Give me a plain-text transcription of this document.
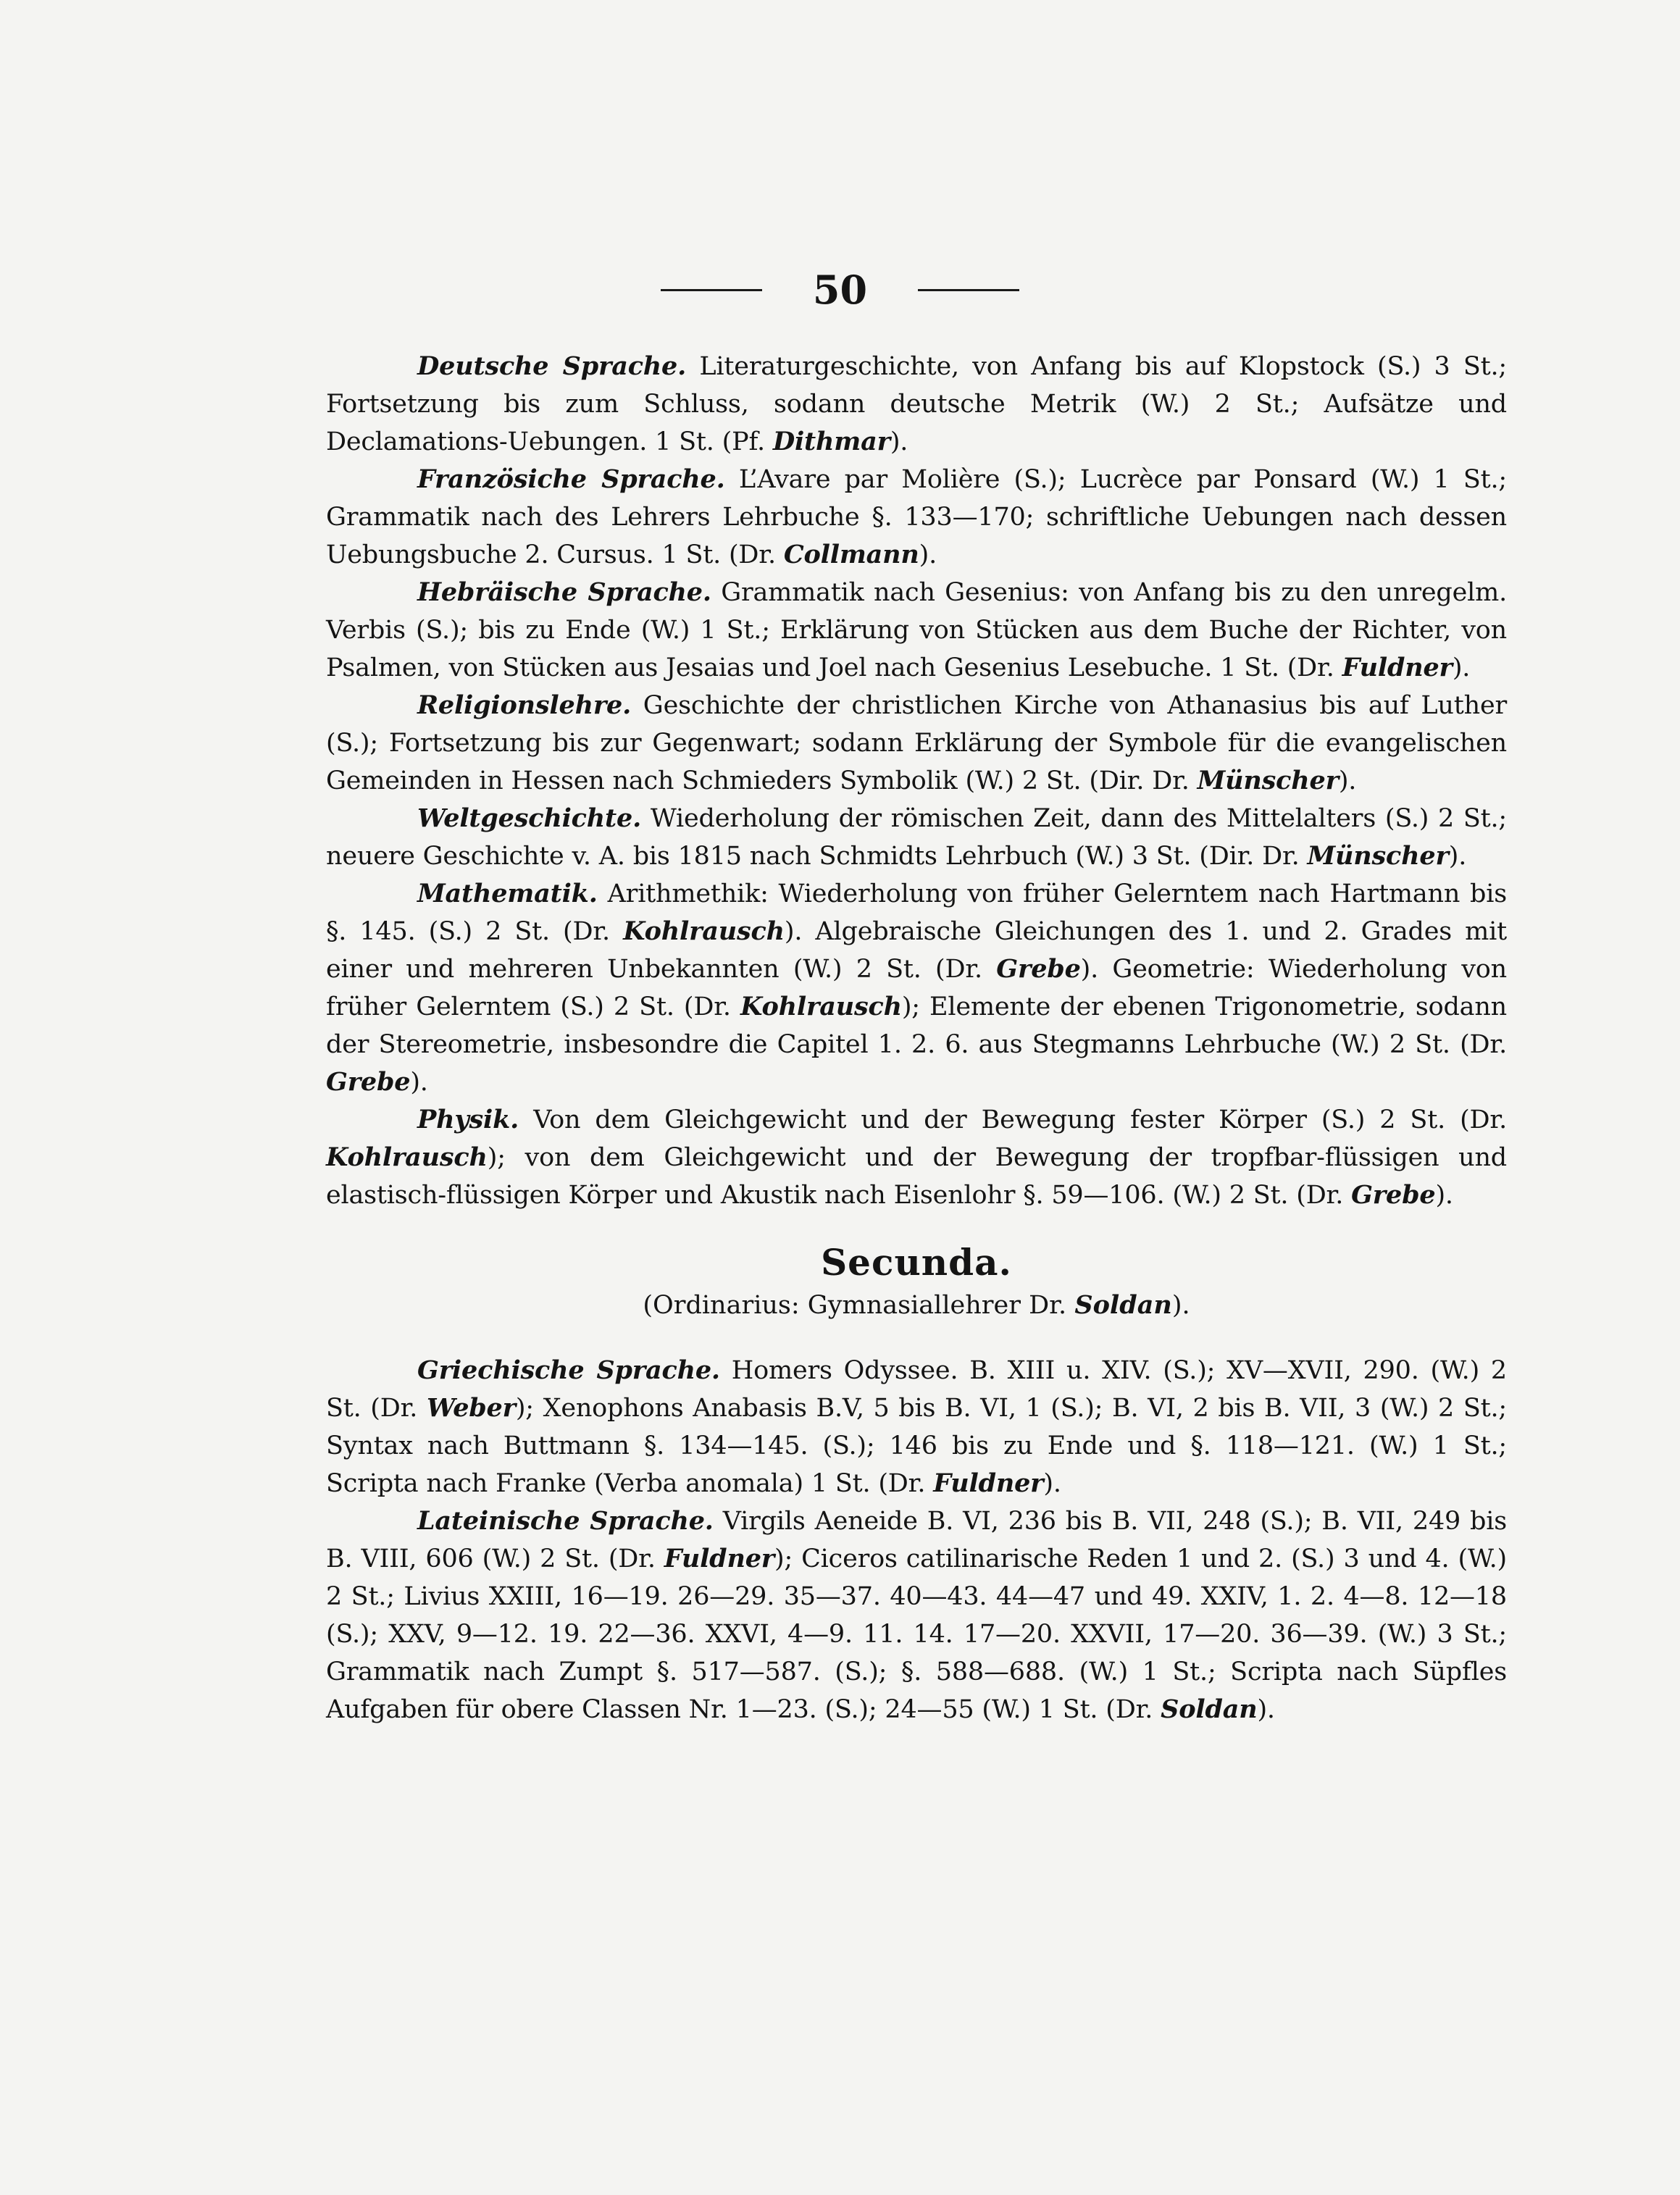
50

Deutsche Sprache. Literaturgeschichte, von Anfang bis auf Klopstock (S.) 3 St.; Fortsetzung bis zum Schluss, sodann deutsche Metrik (W.) 2 St.; Aufsätze und Declamations-Uebungen. 1 St. (Pf. Dithmar).

Französiche Sprache. L’Avare par Molière (S.); Lucrèce par Ponsard (W.) 1 St.; Grammatik nach des Lehrers Lehrbuche §. 133—170; schriftliche Uebungen nach dessen Uebungsbuche 2. Cursus. 1 St. (Dr. Collmann).

Hebräische Sprache. Grammatik nach Gesenius: von Anfang bis zu den unregelm. Verbis (S.); bis zu Ende (W.) 1 St.; Erklärung von Stücken aus dem Buche der Richter, von Psalmen, von Stücken aus Jesaias und Joel nach Gesenius Lesebuche. 1 St. (Dr. Fuldner).

Religionslehre. Geschichte der christlichen Kirche von Athanasius bis auf Luther (S.); Fortsetzung bis zur Gegenwart; sodann Erklärung der Symbole für die evangelischen Gemeinden in Hessen nach Schmieders Symbolik (W.) 2 St. (Dir. Dr. Münscher).

Weltgeschichte. Wiederholung der römischen Zeit, dann des Mittelalters (S.) 2 St.; neuere Geschichte v. A. bis 1815 nach Schmidts Lehrbuch (W.) 3 St. (Dir. Dr. Münscher).

Mathematik. Arithmethik: Wiederholung von früher Gelerntem nach Hartmann bis §. 145. (S.) 2 St. (Dr. Kohlrausch). Algebraische Gleichungen des 1. und 2. Grades mit einer und mehreren Unbekannten (W.) 2 St. (Dr. Grebe). Geometrie: Wiederholung von früher Gelerntem (S.) 2 St. (Dr. Kohlrausch); Elemente der ebenen Trigonometrie, sodann der Stereometrie, insbesondre die Capitel 1. 2. 6. aus Stegmanns Lehrbuche (W.) 2 St. (Dr. Grebe).

Physik. Von dem Gleichgewicht und der Bewegung fester Körper (S.) 2 St. (Dr. Kohlrausch); von dem Gleichgewicht und der Bewegung der tropfbar-flüssigen und elastisch-flüssigen Körper und Akustik nach Eisenlohr §. 59—106. (W.) 2 St. (Dr. Grebe).

Secunda.

(Ordinarius: Gymnasiallehrer Dr. Soldan).

Griechische Sprache. Homers Odyssee. B. XIII u. XIV. (S.); XV—XVII, 290. (W.) 2 St. (Dr. Weber); Xenophons Anabasis B.V, 5 bis B. VI, 1 (S.); B. VI, 2 bis B. VII, 3 (W.) 2 St.; Syntax nach Buttmann §. 134—145. (S.); 146 bis zu Ende und §. 118—121. (W.) 1 St.; Scripta nach Franke (Verba anomala) 1 St. (Dr. Fuldner).

Lateinische Sprache. Virgils Aeneide B. VI, 236 bis B. VII, 248 (S.); B. VII, 249 bis B. VIII, 606 (W.) 2 St. (Dr. Fuldner); Ciceros catilinarische Reden 1 und 2. (S.) 3 und 4. (W.) 2 St.; Livius XXIII, 16—19. 26—29. 35—37. 40—43. 44—47 und 49. XXIV, 1. 2. 4—8. 12—18 (S.); XXV, 9—12. 19. 22—36. XXVI, 4—9. 11. 14. 17—20. XXVII, 17—20. 36—39. (W.) 3 St.; Grammatik nach Zumpt §. 517—587. (S.); §. 588—688. (W.) 1 St.; Scripta nach Süpfles Aufgaben für obere Classen Nr. 1—23. (S.); 24—55 (W.) 1 St. (Dr. Soldan).
